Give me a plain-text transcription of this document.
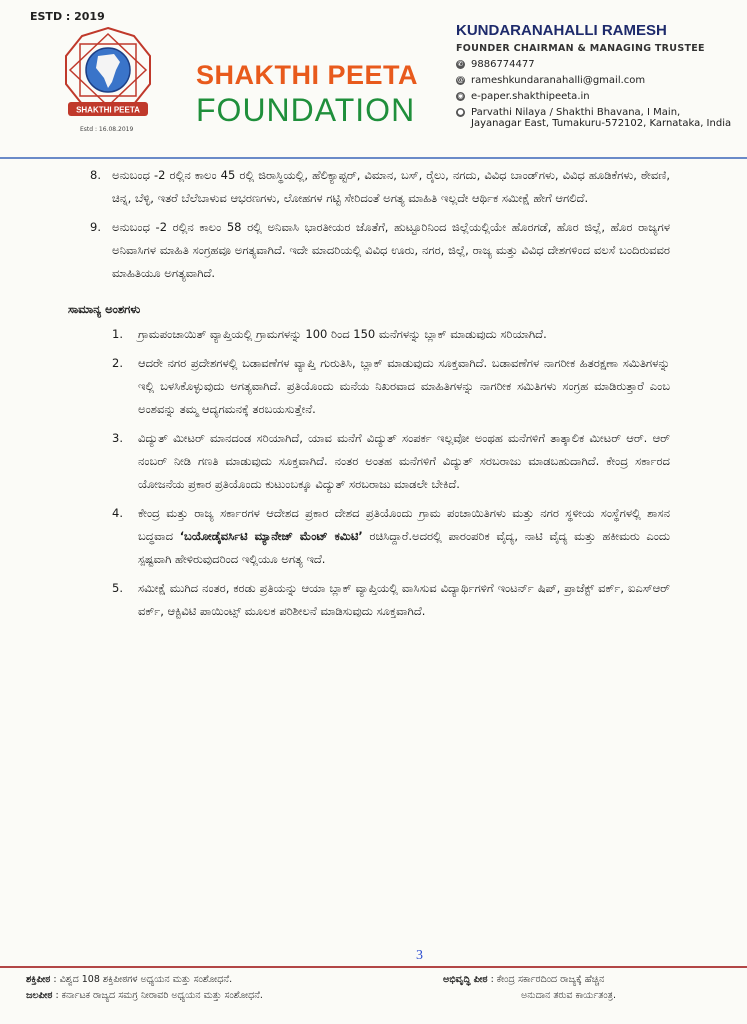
ESTD : 2019
SHAKTHI PEETA
Estd : 16.08.2019
SHAKTHI PEETA
FOUNDATION
KUNDARANAHALLI RAMESH
FOUNDER CHAIRMAN & MANAGING TRUSTEE
✆ 9886774477
@ rameshkundaranahalli@gmail.com
◉ e-paper.shakthipeeta.in
● Parvathi Nilaya / Shakthi Bhavana, I Main,
Jayanagar East, Tumakuru-572102, Karnataka, India
8. ಅನುಬಂಧ -2 ರಲ್ಲಿನ ಕಾಲಂ 45 ರಲ್ಲಿ ಜಿರಾಸ್ಥಿಯಲ್ಲಿ, ಹೆಲಿಕ್ಯಾಪ್ಟರ್, ವಿಮಾನ, ಬಸ್, ರೈಲು, ನಗದು, ವಿವಿಧ ಬಾಂಡ್‌ಗಳು, ವಿವಿಧ ಹೂಡಿಕೆಗಳು, ಠೇವಣಿ, ಚಿನ್ನ, ಬೆಳ್ಳಿ, ಇತರೆ ಬೆಲೆಬಾಳುವ ಆಭರಣಗಳು, ಲೋಹಗಳ ಗಟ್ಟಿ ಸೇರಿದಂತೆ ಅಗತ್ಯ ಮಾಹಿತಿ ಇಲ್ಲದೇ ಆರ್ಥಿಕ ಸಮೀಕ್ಷೆ ಹೇಗೆ ಆಗಲಿದೆ.
9. ಅನುಬಂಧ -2 ರಲ್ಲಿನ ಕಾಲಂ 58 ರಲ್ಲಿ ಅನಿವಾಸಿ ಭಾರತೀಯರ ಜೊತೆಗೆ, ಹುಟ್ಟೂರಿನಿಂದ ಜಿಲ್ಲೆಯಲ್ಲಿಯೇ ಹೊರಗಡೆ, ಹೊರ ಜಿಲ್ಲೆ, ಹೊರ ರಾಜ್ಯಗಳ ಅನಿವಾಸಿಗಳ ಮಾಹಿತಿ ಸಂಗ್ರಹವೂ ಅಗತ್ಯವಾಗಿದೆ. ಇದೇ ಮಾದರಿಯಲ್ಲಿ ವಿವಿಧ ಊರು, ನಗರ, ಜಿಲ್ಲೆ, ರಾಜ್ಯ ಮತ್ತು ವಿವಿಧ ದೇಶಗಳಿಂದ ವಲಸೆ ಬಂದಿರುವವರ ಮಾಹಿತಿಯೂ ಅಗತ್ಯವಾಗಿದೆ.
ಸಾಮಾನ್ಯ ಅಂಶಗಳು
1.	ಗ್ರಾಮಪಂಚಾಯಿತ್ ವ್ಯಾಪ್ತಿಯಲ್ಲಿ ಗ್ರಾಮಗಳನ್ನು 100 ರಿಂದ 150 ಮನೆಗಳನ್ನು ಬ್ಲಾಕ್ ಮಾಡುವುದು ಸರಿಯಾಗಿದೆ.
2.	ಆದರೇ ನಗರ ಪ್ರದೇಶಗಳಲ್ಲಿ ಬಡಾವಣೆಗಳ ವ್ಯಾಪ್ತಿ ಗುರುತಿಸಿ, ಬ್ಲಾಕ್ ಮಾಡುವುದು ಸೂಕ್ತವಾಗಿದೆ. ಬಡಾವಣೆಗಳ ನಾಗರೀಕ ಹಿತರಕ್ಷಣಾ ಸಮಿತಿಗಳನ್ನು ಇಲ್ಲಿ ಬಳಸಿಕೊಳ್ಳುವುದು ಅಗತ್ಯವಾಗಿದೆ. ಪ್ರತಿಯೊಂದು ಮನೆಯ ನಿಖರವಾದ ಮಾಹಿತಿಗಳನ್ನು ನಾಗರೀಕ ಸಮಿತಿಗಳು ಸಂಗ್ರಹ ಮಾಡಿರುತ್ತಾರೆ ಎಂಬ ಅಂಶವನ್ನು ತಮ್ಮ ಆದ್ಯಗಮನಕ್ಕೆ ತರಬಯಸುತ್ತೇನೆ.
3.	ವಿದ್ಯುತ್ ಮೀಟರ್ ಮಾನದಂಡ ಸರಿಯಾಗಿದೆ, ಯಾವ ಮನೆಗೆ ವಿದ್ಯುತ್ ಸಂಪರ್ಕ ಇಲ್ಲವೋ ಅಂಥಹ ಮನೆಗಳಿಗೆ ತಾತ್ಕಾಲಿಕ ಮೀಟರ್ ಆರ್. ಆರ್ ನಂಬರ್ ನೀಡಿ ಗಣತಿ ಮಾಡುವುದು ಸೂಕ್ತವಾಗಿದೆ. ನಂತರ ಅಂತಹ ಮನೆಗಳಿಗೆ ವಿದ್ಯುತ್ ಸರಬರಾಜು ಮಾಡಬಹುದಾಗಿದೆ. ಕೇಂದ್ರ ಸರ್ಕಾರದ ಯೋಜನೆಯ ಪ್ರಕಾರ ಪ್ರತಿಯೊಂದು ಕುಟುಂಬಕ್ಕೂ ವಿದ್ಯುತ್ ಸರಬರಾಜು ಮಾಡಲೇ ಬೇಕಿದೆ.
4.	ಕೇಂದ್ರ ಮತ್ತು ರಾಜ್ಯ ಸರ್ಕಾರಗಳ ಆದೇಶದ ಪ್ರಕಾರ ದೇಶದ ಪ್ರತಿಯೊಂದು ಗ್ರಾಮ ಪಂಚಾಯಿತಿಗಳು ಮತ್ತು ನಗರ ಸ್ಥಳೀಯ ಸಂಸ್ಥೆಗಳಲ್ಲಿ ಶಾಸನ ಬದ್ಧವಾದ ‘ಬಯೋಡೈವರ್ಸಿಟಿ ಮ್ಯಾನೇಜ್ ಮೆಂಟ್ ಕಮಿಟಿ’ ರಚಿಸಿದ್ದಾರೆ.ಅದರಲ್ಲಿ ಪಾರಂಪರಿಕ ವೈದ್ಯ, ನಾಟಿ ವೈದ್ಯ ಮತ್ತು ಹಕೀಮರು ಎಂದು ಸ್ಪಷ್ಟವಾಗಿ ಹೇಳಿರುವುದರಿಂದ ಇಲ್ಲಿಯೂ ಅಗತ್ಯ ಇದೆ.
5.	ಸಮೀಕ್ಷೆ ಮುಗಿದ ನಂತರ, ಕರಡು ಪ್ರತಿಯನ್ನು ಆಯಾ ಬ್ಲಾಕ್ ವ್ಯಾಪ್ತಿಯಲ್ಲಿ ವಾಸಿಸುವ ವಿದ್ಯಾರ್ಥಿಗಳಿಗೆ ಇಂಟರ್ನ್ ಷಿಪ್, ಪ್ರಾಜೆಕ್ಟ್ ವರ್ಕ್, ಐಎಸ್‌ಆರ್ ವರ್ಕ್, ಆಕ್ಟಿವಿಟಿ ಪಾಯಿಂಟ್ಸ್ ಮೂಲಕ ಪರಿಶೀಲನೆ ಮಾಡಿಸುವುದು ಸೂಕ್ತವಾಗಿದೆ.
3
ಶಕ್ತಿಪೀಠ : ವಿಶ್ವದ 108 ಶಕ್ತಿಪೀಠಗಳ ಅಧ್ಯಯನ ಮತ್ತು ಸಂಶೋಧನೆ.
ಜಲಪೀಠ : ಕರ್ನಾಟಕ ರಾಜ್ಯದ ಸಮಗ್ರ ನೀರಾವರಿ ಅಧ್ಯಯನ ಮತ್ತು ಸಂಶೋಧನೆ.
ಅಭಿವೃದ್ಧಿ ಪೀಠ : ಕೇಂದ್ರ ಸರ್ಕಾರದಿಂದ ರಾಜ್ಯಕ್ಕೆ ಹೆಚ್ಚಿನ
ಅನುದಾನ ತರುವ ಕಾರ್ಯತಂತ್ರ.
